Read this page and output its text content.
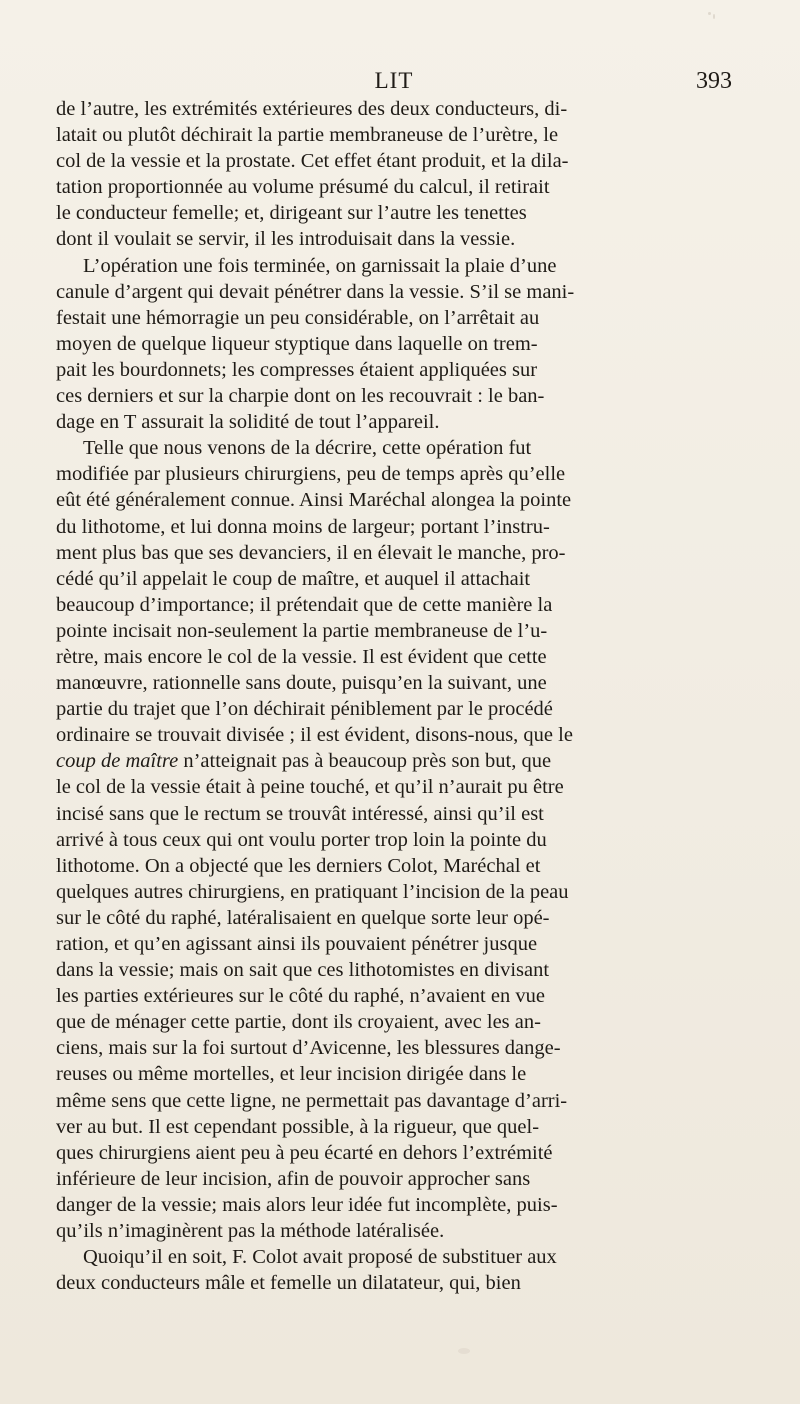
LIT	393
de l’autre, les extrémités extérieures des deux conducteurs, di-
latait ou plutôt déchirait la partie membraneuse de l’urètre, le
col de la vessie et la prostate. Cet effet étant produit, et la dila-
tation proportionnée au volume présumé du calcul, il retirait
le conducteur femelle; et, dirigeant sur l’autre les tenettes
dont il voulait se servir, il les introduisait dans la vessie.
L’opération une fois terminée, on garnissait la plaie d’une
canule d’argent qui devait pénétrer dans la vessie. S’il se mani-
festait une hémorragie un peu considérable, on l’arrêtait au
moyen de quelque liqueur styptique dans laquelle on trem-
pait les bourdonnets; les compresses étaient appliquées sur
ces derniers et sur la charpie dont on les recouvrait : le ban-
dage en T assurait la solidité de tout l’appareil.
Telle que nous venons de la décrire, cette opération fut
modifiée par plusieurs chirurgiens, peu de temps après qu’elle
eût été généralement connue. Ainsi Maréchal alongea la pointe
du lithotome, et lui donna moins de largeur; portant l’instru-
ment plus bas que ses devanciers, il en élevait le manche, pro-
cédé qu’il appelait le coup de maître, et auquel il attachait
beaucoup d’importance; il prétendait que de cette manière la
pointe incisait non-seulement la partie membraneuse de l’u-
rètre, mais encore le col de la vessie. Il est évident que cette
manœuvre, rationnelle sans doute, puisqu’en la suivant, une
partie du trajet que l’on déchirait péniblement par le procédé
ordinaire se trouvait divisée ; il est évident, disons-nous, que le
coup de maître n’atteignait pas à beaucoup près son but, que
le col de la vessie était à peine touché, et qu’il n’aurait pu être
incisé sans que le rectum se trouvât intéressé, ainsi qu’il est
arrivé à tous ceux qui ont voulu porter trop loin la pointe du
lithotome. On a objecté que les derniers Colot, Maréchal et
quelques autres chirurgiens, en pratiquant l’incision de la peau
sur le côté du raphé, latéralisaient en quelque sorte leur opé-
ration, et qu’en agissant ainsi ils pouvaient pénétrer jusque
dans la vessie; mais on sait que ces lithotomistes en divisant
les parties extérieures sur le côté du raphé, n’avaient en vue
que de ménager cette partie, dont ils croyaient, avec les an-
ciens, mais sur la foi surtout d’Avicenne, les blessures dange-
reuses ou même mortelles, et leur incision dirigée dans le
même sens que cette ligne, ne permettait pas davantage d’arri-
ver au but. Il est cependant possible, à la rigueur, que quel-
ques chirurgiens aient peu à peu écarté en dehors l’extrémité
inférieure de leur incision, afin de pouvoir approcher sans
danger de la vessie; mais alors leur idée fut incomplète, puis-
qu’ils n’imaginèrent pas la méthode latéralisée.
Quoiqu’il en soit, F. Colot avait proposé de substituer aux
deux conducteurs mâle et femelle un dilatateur, qui, bien
